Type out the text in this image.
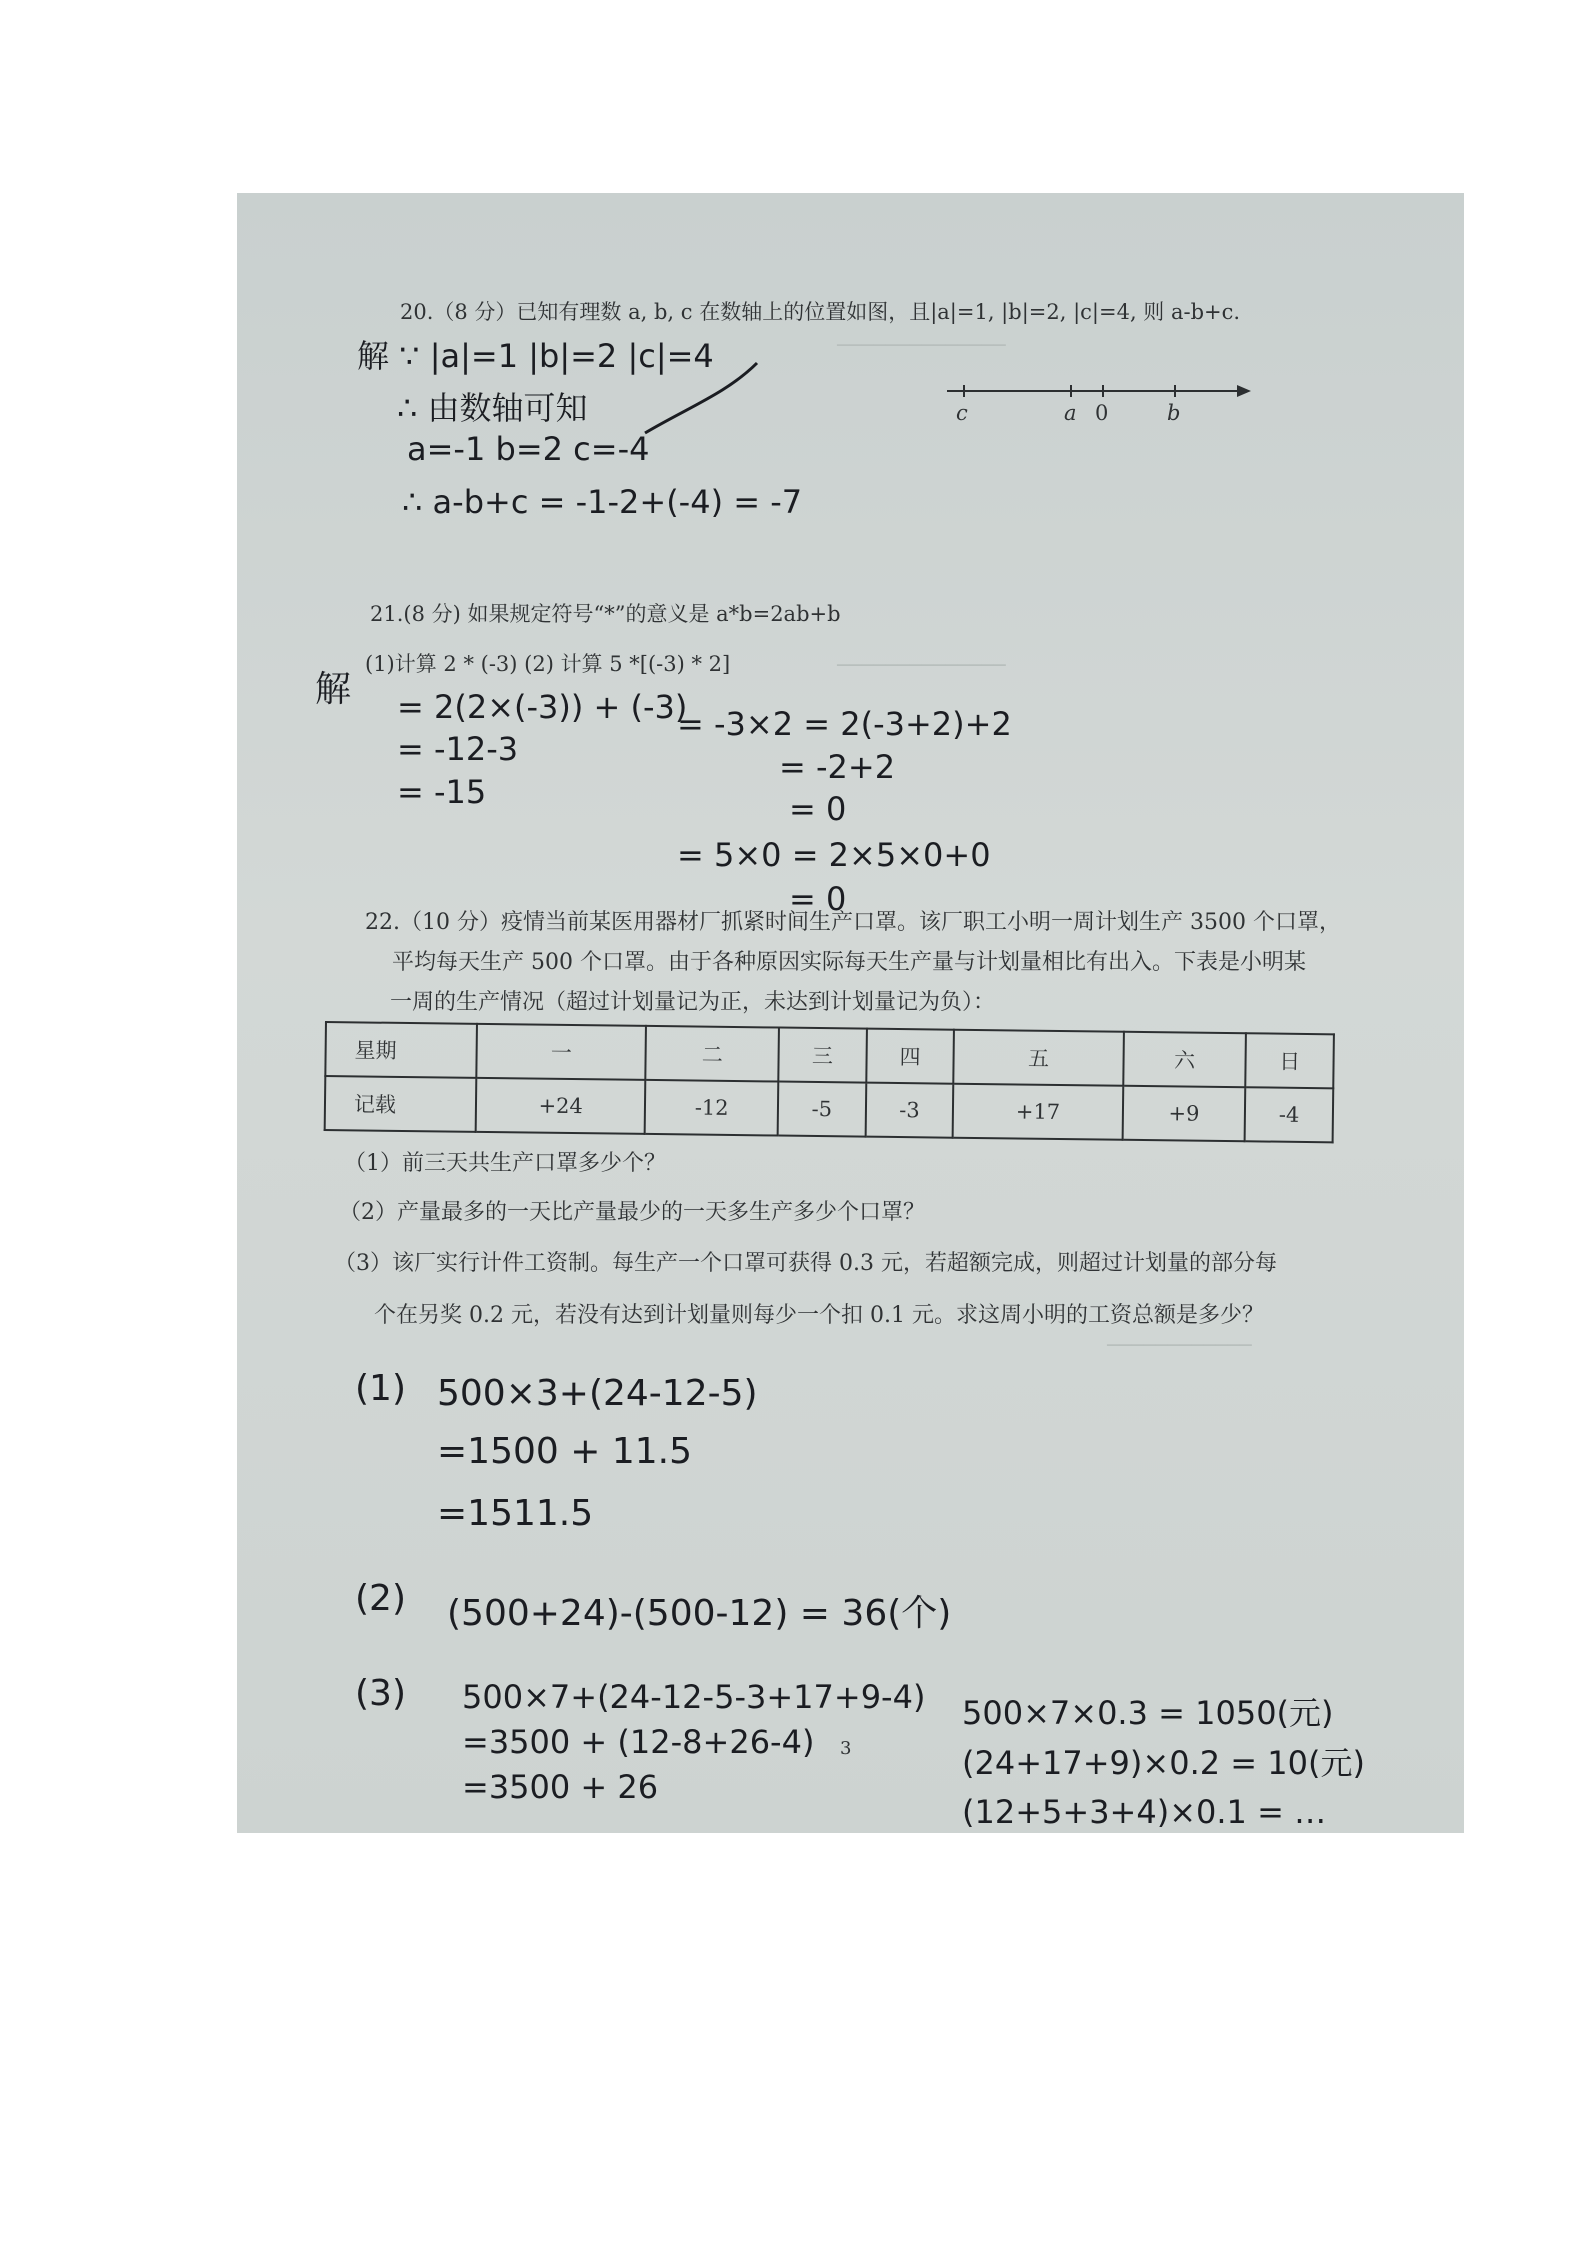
──────────────
──────────────
────────────
20.（8 分）已知有理数 a, b, c 在数轴上的位置如图，且|a|=1, |b|=2, |c|=4, 则 a-b+c.
c	a 0	b
解 ∵ |a|=1 |b|=2 |c|=4
∴ 由数轴可知
a=-1 b=2 c=-4
∴ a-b+c = -1-2+(-4) = -7
21.(8 分) 如果规定符号“*”的意义是 a*b=2ab+b
(1)计算 2 * (-3) (2) 计算 5 *[(-3) * 2]
解 = 2(2×(-3)) + (-3)
= -12-3
= -15
= -3×2 = 2(-3+2)+2
= -2+2
= 0
= 5×0 = 2×5×0+0
= 0
22.（10 分）疫情当前某医用器材厂抓紧时间生产口罩。该厂职工小明一周计划生产 3500 个口罩，
平均每天生产 500 个口罩。由于各种原因实际每天生产量与计划量相比有出入。下表是小明某
一周的生产情况（超过计划量记为正，未达到计划量记为负）：
星期	一	二	三	四	五	六	日
记载	+24	-12	-5	-3	+17	+9	-4
（1）前三天共生产口罩多少个？
（2）产量最多的一天比产量最少的一天多生产多少个口罩？
（3）该厂实行计件工资制。每生产一个口罩可获得 0.3 元，若超额完成，则超过计划量的部分每
个在另奖 0.2 元，若没有达到计划量则每少一个扣 0.1 元。求这周小明的工资总额是多少？
(1) 500×3+(24-12-5)
=1500 + 11.5
=1511.5
(2) (500+24)-(500-12) = 36(个)
(3) 500×7+(24-12-5-3+17+9-4)
=3500 + (12-8+26-4)
=3500 + 26
500×7×0.3 = 1050(元)
(24+17+9)×0.2 = 10(元)
(12+5+3+4)×0.1 = …
3
